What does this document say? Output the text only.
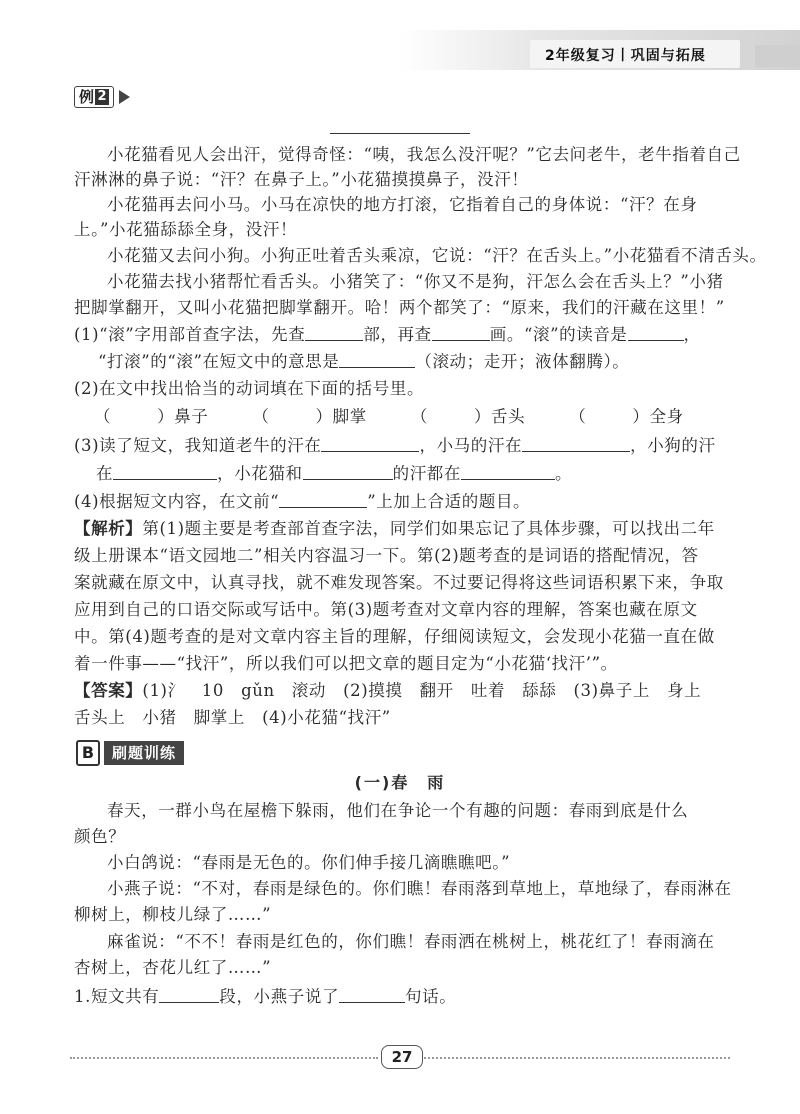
2年级复习丨巩固与拓展
例 2
小花猫看见人会出汗，觉得奇怪：“咦，我怎么没汗呢？”它去问老牛，老牛指着自己
汗淋淋的鼻子说：“汗？在鼻子上。”小花猫摸摸鼻子，没汗！
小花猫再去问小马。小马在凉快的地方打滚，它指着自己的身体说：“汗？在身
上。”小花猫舔舔全身，没汗！
小花猫又去问小狗。小狗正吐着舌头乘凉，它说：“汗？在舌头上。”小花猫看不清舌头。
小花猫去找小猪帮忙看舌头。小猪笑了：“你又不是狗，汗怎么会在舌头上？”小猪
把脚掌翻开，又叫小花猫把脚掌翻开。哈！两个都笑了：“原来，我们的汗藏在这里！”
(1)“滚”字用部首查字法，先查	部，再查	画。“滚”的读音是	，
“打滚”的“滚”在短文中的意思是	（滚动；走开；液体翻腾）。
(2)在文中找出恰当的动词填在下面的括号里。
（	）鼻子	（	）脚掌	（	）舌头	（	）全身
(3)读了短文，我知道老牛的汗在	，小马的汗在	，小狗的汗
在	，小花猫和	的汗都在	。
(4)根据短文内容，在文前“	”上加上合适的题目。
【解析】第(1)题主要是考查部首查字法，同学们如果忘记了具体步骤，可以找出二年
级上册课本“语文园地二”相关内容温习一下。第(2)题考查的是词语的搭配情况，答
案就藏在原文中，认真寻找，就不难发现答案。不过要记得将这些词语积累下来，争取
应用到自己的口语交际或写话中。第(3)题考查对文章内容的理解，答案也藏在原文
中。第(4)题考查的是对文章内容主旨的理解，仔细阅读短文，会发现小花猫一直在做
着一件事——“找汗”，所以我们可以把文章的题目定为“小花猫‘找汗’”。
【答案】(1)氵　10　gǔn　滚动　(2)摸摸　翻开　吐着　舔舔　(3)鼻子上　身上
舌头上　小猪　脚掌上　(4)小花猫“找汗”
B	刷题训练
(一)春　雨
春天，一群小鸟在屋檐下躲雨，他们在争论一个有趣的问题：春雨到底是什么
颜色？
小白鸽说：“春雨是无色的。你们伸手接几滴瞧瞧吧。”
小燕子说：“不对，春雨是绿色的。你们瞧！春雨落到草地上，草地绿了，春雨淋在
柳树上，柳枝儿绿了……”
麻雀说：“不不！春雨是红色的，你们瞧！春雨洒在桃树上，桃花红了！春雨滴在
杏树上，杏花儿红了……”
1.短文共有	段，小燕子说了	句话。
27
